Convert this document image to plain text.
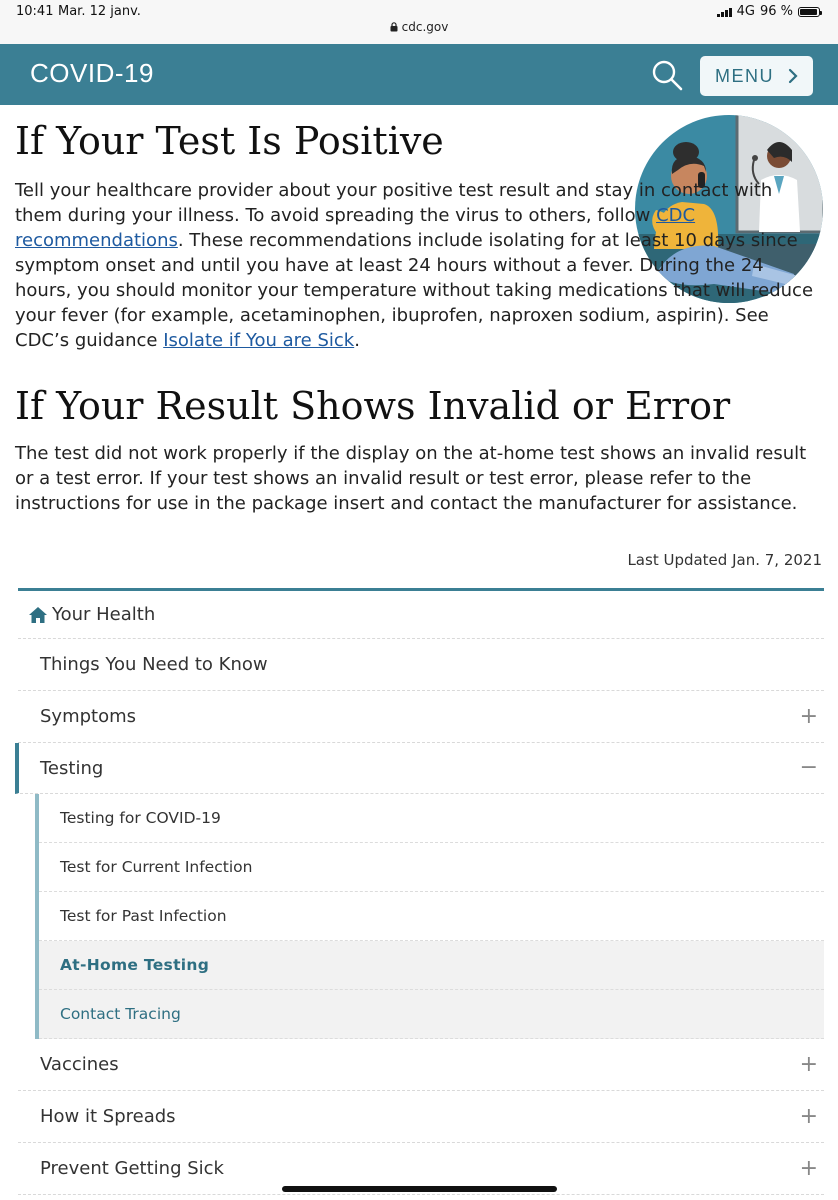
10:41 Mar. 12 janv.
cdc.gov
4G 96 %
COVID-19	MENU
If Your Test Is Positive

Tell your healthcare provider about your positive test result and stay in contact with them during your illness. To avoid spreading the virus to others, follow CDC recommendations. These recommendations include isolating for at least 10 days since symptom onset and until you have at least 24 hours without a fever. During the 24 hours, you should monitor your temperature without taking medications that will reduce your fever (for example, acetaminophen, ibuprofen, naproxen sodium, aspirin). See CDC’s guidance Isolate if You are Sick.

If Your Result Shows Invalid or Error

The test did not work properly if the display on the at-home test shows an invalid result or a test error. If your test shows an invalid result or test error, please refer to the instructions for use in the package insert and contact the manufacturer for assistance.

Last Updated Jan. 7, 2021
Your Health
Things You Need to Know
Symptoms	+
Testing	−
Testing for COVID-19
Test for Current Infection
Test for Past Infection
At-Home Testing
Contact Tracing
Vaccines	+
How it Spreads	+
Prevent Getting Sick	+
